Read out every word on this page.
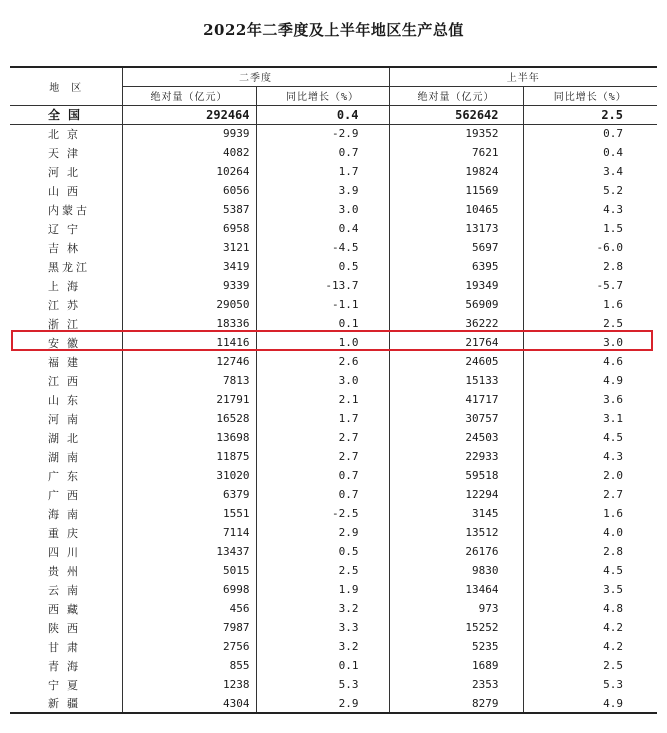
2022年二季度及上半年地区生产总值
地　区	二季度		上半年	
	绝对量（亿元）	同比增长（%）	绝对量（亿元）	同比增长（%）
全国	292464	0.4	562642	2.5
北京	9939	-2.9	19352	0.7
天津	4082	0.7	7621	0.4
河北	10264	1.7	19824	3.4
山西	6056	3.9	11569	5.2
内蒙古	5387	3.0	10465	4.3
辽宁	6958	0.4	13173	1.5
吉林	3121	-4.5	5697	-6.0
黑龙江	3419	0.5	6395	2.8
上海	9339	-13.7	19349	-5.7
江苏	29050	-1.1	56909	1.6
浙江	18336	0.1	36222	2.5
安徽	11416	1.0	21764	3.0
福建	12746	2.6	24605	4.6
江西	7813	3.0	15133	4.9
山东	21791	2.1	41717	3.6
河南	16528	1.7	30757	3.1
湖北	13698	2.7	24503	4.5
湖南	11875	2.7	22933	4.3
广东	31020	0.7	59518	2.0
广西	6379	0.7	12294	2.7
海南	1551	-2.5	3145	1.6
重庆	7114	2.9	13512	4.0
四川	13437	0.5	26176	2.8
贵州	5015	2.5	9830	4.5
云南	6998	1.9	13464	3.5
西藏	456	3.2	973	4.8
陕西	7987	3.3	15252	4.2
甘肃	2756	3.2	5235	4.2
青海	855	0.1	1689	2.5
宁夏	1238	5.3	2353	5.3
新疆	4304	2.9	8279	4.9
